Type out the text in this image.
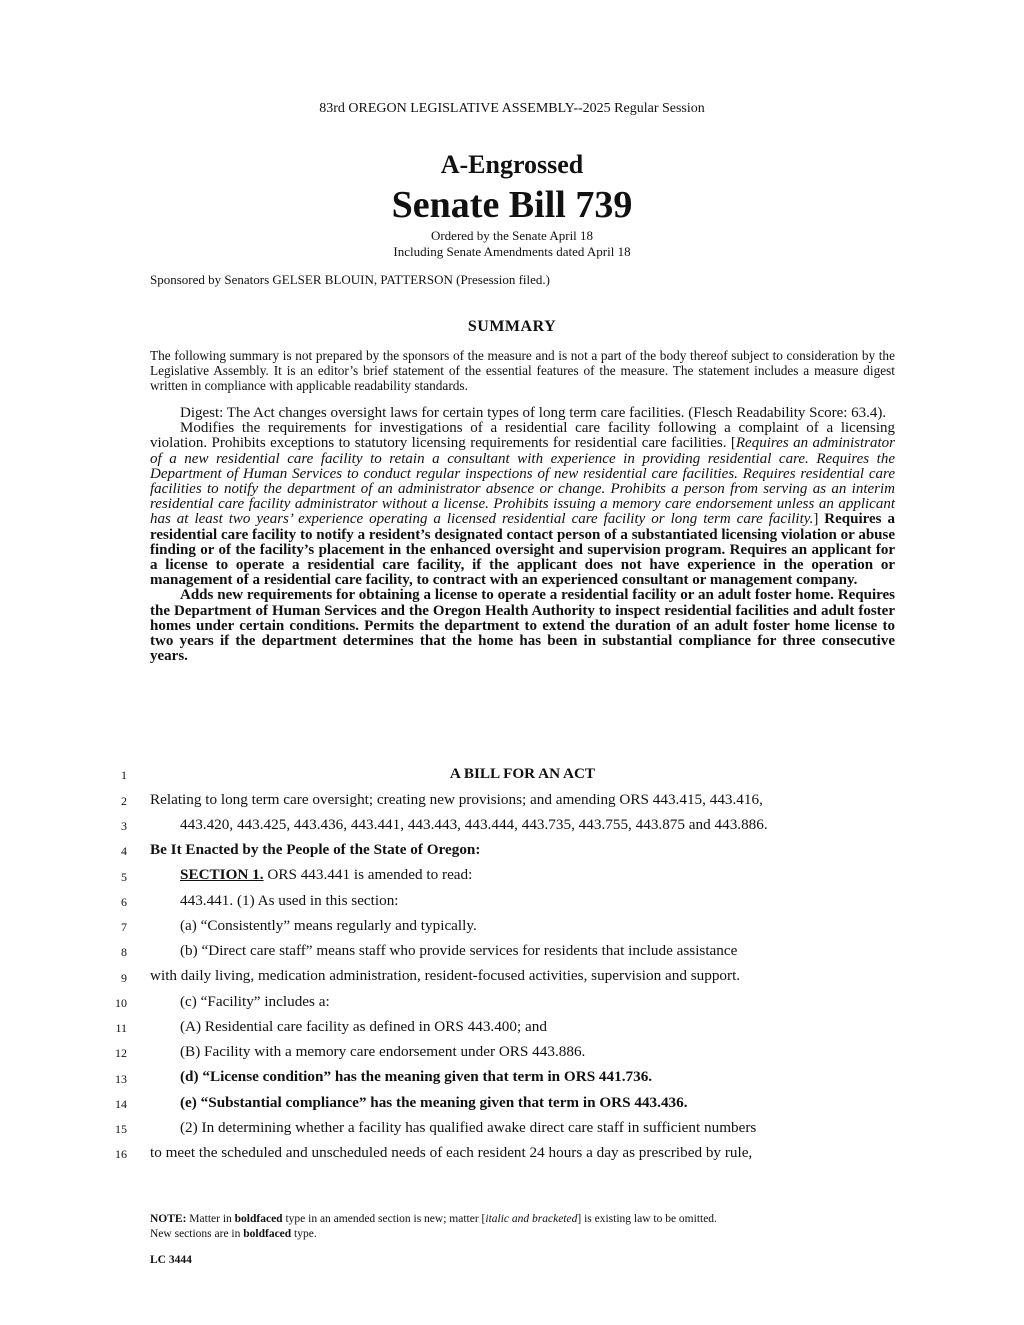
83rd OREGON LEGISLATIVE ASSEMBLY--2025 Regular Session
A-Engrossed
Senate Bill 739
Ordered by the Senate April 18
Including Senate Amendments dated April 18
Sponsored by Senators GELSER BLOUIN, PATTERSON (Presession filed.)
SUMMARY

The following summary is not prepared by the sponsors of the measure and is not a part of the body thereof subject to consideration by the Legislative Assembly. It is an editor’s brief statement of the essential features of the measure. The statement includes a measure digest written in compliance with applicable readability standards.

Digest: The Act changes oversight laws for certain types of long term care facilities. (Flesch Readability Score: 63.4).

Modifies the requirements for investigations of a residential care facility following a complaint of a licensing violation. Prohibits exceptions to statutory licensing requirements for residential care facilities. [Requires an administrator of a new residential care facility to retain a consultant with experience in providing residential care. Requires the Department of Human Services to conduct regular inspections of new residential care facilities. Requires residential care facilities to notify the department of an administrator absence or change. Prohibits a person from serving as an interim residential care facility administrator without a license. Prohibits issuing a memory care endorsement unless an applicant has at least two years’ experience operating a licensed residential care facility or long term care facility.] Requires a residential care facility to notify a resident’s designated contact person of a substantiated licensing violation or abuse finding or of the facility’s placement in the enhanced oversight and supervision program. Requires an applicant for a license to operate a residential care facility, if the applicant does not have experience in the operation or management of a residential care facility, to contract with an experienced consultant or management company.

Adds new requirements for obtaining a license to operate a residential facility or an adult foster home. Requires the Department of Human Services and the Oregon Health Authority to inspect residential facilities and adult foster homes under certain conditions. Permits the department to extend the duration of an adult foster home license to two years if the department determines that the home has been in substantial compliance for three consecutive years.

1	A BILL FOR AN ACT
2 Relating to long term care oversight; creating new provisions; and amending ORS 443.415, 443.416,
3	443.420, 443.425, 443.436, 443.441, 443.443, 443.444, 443.735, 443.755, 443.875 and 443.886.
4 Be It Enacted by the People of the State of Oregon:
5	SECTION 1. ORS 443.441 is amended to read:
6	443.441. (1) As used in this section:
7	(a) “Consistently” means regularly and typically.
8	(b) “Direct care staff” means staff who provide services for residents that include assistance
9 with daily living, medication administration, resident-focused activities, supervision and support.
10	(c) “Facility” includes a:
11	(A) Residential care facility as defined in ORS 443.400; and
12	(B) Facility with a memory care endorsement under ORS 443.886.
13	(d) “License condition” has the meaning given that term in ORS 441.736.
14	(e) “Substantial compliance” has the meaning given that term in ORS 443.436.
15	(2) In determining whether a facility has qualified awake direct care staff in sufficient numbers
16 to meet the scheduled and unscheduled needs of each resident 24 hours a day as prescribed by rule,
NOTE: Matter in boldfaced type in an amended section is new; matter [italic and bracketed] is existing law to be omitted.
New sections are in boldfaced type.
LC 3444
